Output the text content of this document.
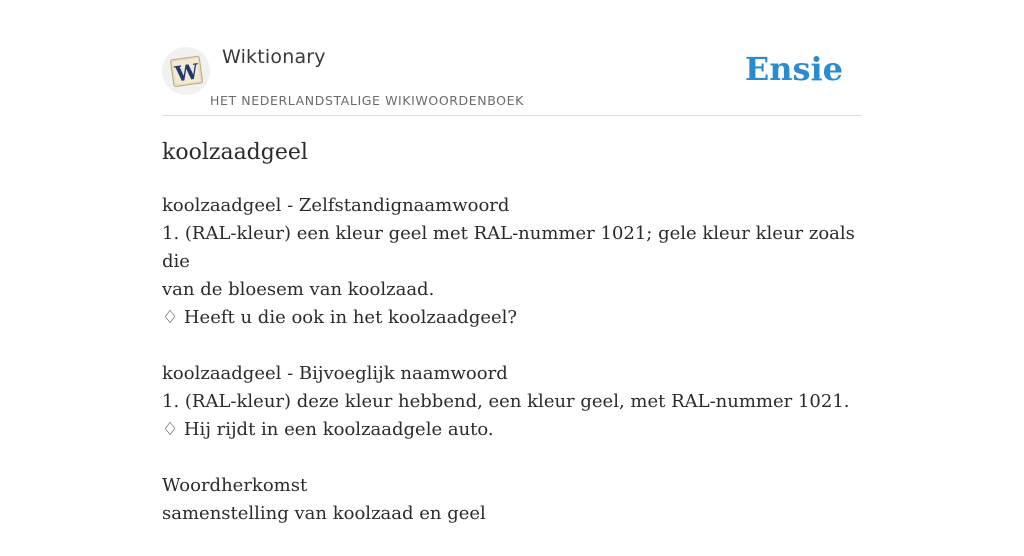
W
Wiktionary
HET NEDERLANDSTALIGE WIKIWOORDENBOEK
Ensie
koolzaadgeel
koolzaadgeel - Zelfstandignaamwoord
1. (RAL-kleur) een kleur geel met RAL-nummer 1021; gele kleur kleur zoals die
van de bloesem van koolzaad.
♢ Heeft u die ook in het koolzaadgeel?
koolzaadgeel - Bijvoeglijk naamwoord
1. (RAL-kleur) deze kleur hebbend, een kleur geel, met RAL-nummer 1021.
♢ Hij rijdt in een koolzaadgele auto.
Woordherkomst
samenstelling van koolzaad en geel
